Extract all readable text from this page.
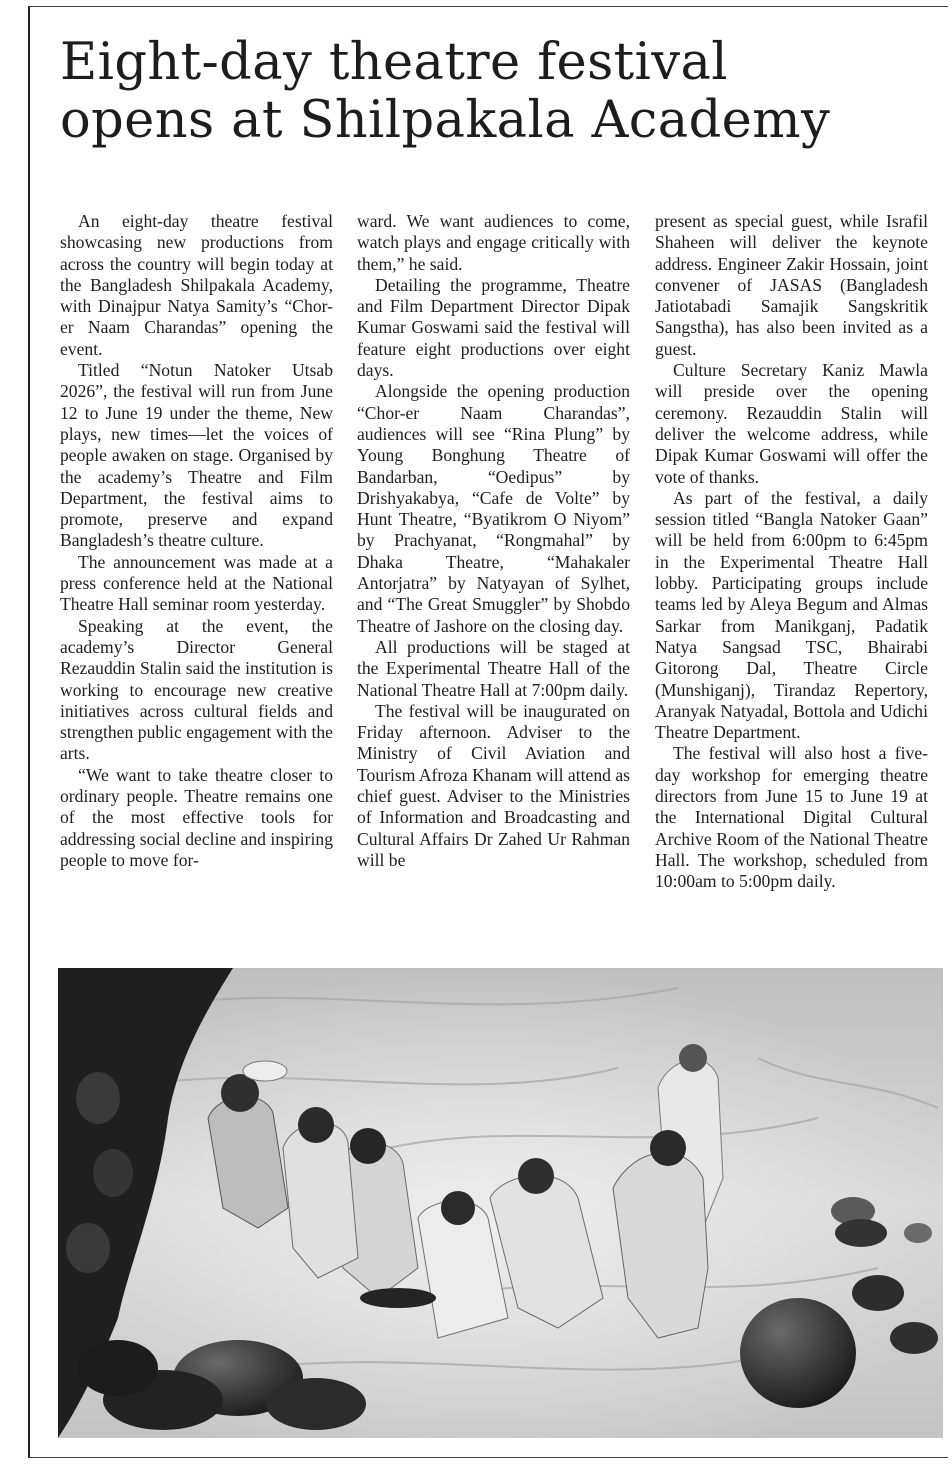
Eight-day theatre festival
opens at Shilpakala Academy

An eight-day theatre festival showcasing new productions from across the country will begin today at the Bangladesh Shilpakala Academy, with Dinajpur Natya Samity’s “Chor-er Naam Charandas” opening the event.

Titled “Notun Natoker Utsab 2026”, the festival will run from June 12 to June 19 under the theme, New plays, new times—let the voices of people awaken on stage. Organised by the academy’s Theatre and Film Department, the festival aims to promote, preserve and expand Bangladesh’s theatre culture.

The announcement was made at a press conference held at the National Theatre Hall seminar room yesterday.

Speaking at the event, the academy’s Director General Rezauddin Stalin said the institution is working to encourage new creative initiatives across cultural fields and strengthen public engagement with the arts.

“We want to take theatre closer to ordinary people. Theatre remains one of the most effective tools for addressing social decline and inspiring people to move for-

ward. We want audiences to come, watch plays and engage critically with them,” he said.

Detailing the programme, Theatre and Film Department Director Dipak Kumar Goswami said the festival will feature eight productions over eight days.

Alongside the opening production “Chor-er Naam Charandas”, audiences will see “Rina Plung” by Young Bonghung Theatre of Bandarban, “Oedipus” by Drishyakabya, “Cafe de Volte” by Hunt Theatre, “Byatikrom O Niyom” by Prachyanat, “Rongmahal” by Dhaka Theatre, “Mahakaler Antorjatra” by Natyayan of Sylhet, and “The Great Smuggler” by Shobdo Theatre of Jashore on the closing day.

All productions will be staged at the Experimental Theatre Hall of the National Theatre Hall at 7:00pm daily.

The festival will be inaugurated on Friday afternoon. Adviser to the Ministry of Civil Aviation and Tourism Afroza Khanam will attend as chief guest. Adviser to the Ministries of Information and Broadcasting and Cultural Affairs Dr Zahed Ur Rahman will be

present as special guest, while Israfil Shaheen will deliver the keynote address. Engineer Zakir Hossain, joint convener of JASAS (Bangladesh Jatiotabadi Samajik Sangskritik Sangstha), has also been invited as a guest.

Culture Secretary Kaniz Mawla will preside over the opening ceremony. Rezauddin Stalin will deliver the welcome address, while Dipak Kumar Goswami will offer the vote of thanks.

As part of the festival, a daily session titled “Bangla Natoker Gaan” will be held from 6:00pm to 6:45pm in the Experimental Theatre Hall lobby. Participating groups include teams led by Aleya Begum and Almas Sarkar from Manikganj, Padatik Natya Sangsad TSC, Bhairabi Gitorong Dal, Theatre Circle (Munshiganj), Tirandaz Repertory, Aranyak Natyadal, Bottola and Udichi Theatre Department.

The festival will also host a five-day workshop for emerging theatre directors from June 15 to June 19 at the International Digital Cultural Archive Room of the National Theatre Hall. The workshop, scheduled from 10:00am to 5:00pm daily.
